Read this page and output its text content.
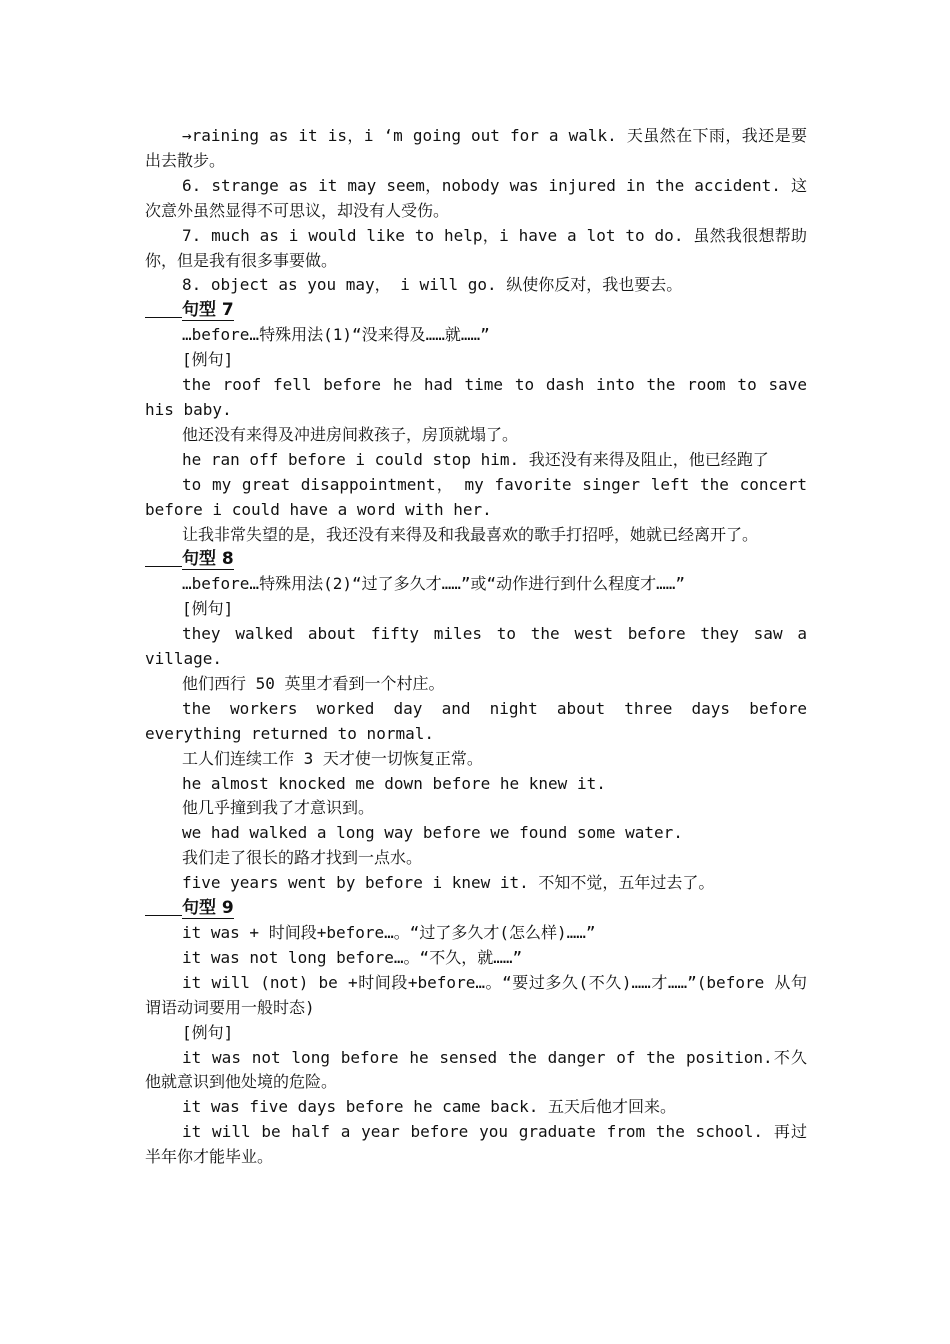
→raining as it is，i ‘m going out for a walk. 天虽然在下雨，我还是要出去散步。

6. strange as it may seem，nobody was injured in the accident. 这次意外虽然显得不可思议，却没有人受伤。

7. much as i would like to help，i have a lot to do. 虽然我很想帮助你，但是我有很多事要做。

8. object as you may， i will go. 纵使你反对，我也要去。

句型 7

…before…特殊用法(1)“没来得及……就……”

[例句]

the roof fell before he had time to dash into the room to save his baby.

他还没有来得及冲进房间救孩子，房顶就塌了。

he ran off before i could stop him. 我还没有来得及阻止，他已经跑了

to my great disappointment， my favorite singer left the concert before i could have a word with her.

让我非常失望的是，我还没有来得及和我最喜欢的歌手打招呼，她就已经离开了。

句型 8

…before…特殊用法(2)“过了多久才……”或“动作进行到什么程度才……”

[例句]

they walked about fifty miles to the west before they saw a village.

他们西行 50 英里才看到一个村庄。

the workers worked day and night about three days before everything returned to normal.

工人们连续工作 3 天才使一切恢复正常。

he almost knocked me down before he knew it.

他几乎撞到我了才意识到。

we had walked a long way before we found some water.

我们走了很长的路才找到一点水。

five years went by before i knew it. 不知不觉，五年过去了。

句型 9

it was + 时间段+before…。“过了多久才(怎么样)……”

it was not long before…。“不久，就……”

it will (not) be +时间段+before…。“要过多久(不久)……才……”(before 从句谓语动词要用一般时态)

[例句]

it was not long before he sensed the danger of the position.不久他就意识到他处境的危险。

it was five days before he came back. 五天后他才回来。

it will be half a year before you graduate from the school. 再过半年你才能毕业。
